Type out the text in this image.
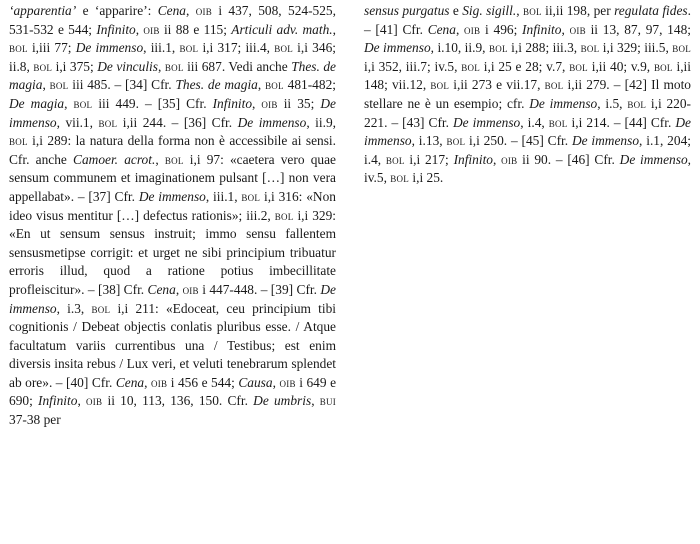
‘apparentia’ e ‘apparire’: Cena, oib i 437, 508, 524-525, 531-532 e 544; Infinito, oib ii 88 e 115; Articuli adv. math., bol i,iii 77; De immenso, iii.1, bol i,i 317; iii.4, bol i,i 346; ii.8, bol i,i 375; De vinculis, bol iii 687. Vedi anche Thes. de magia, bol iii 485. – [34] Cfr. Thes. de magia, bol 481-482; De magia, bol iii 449. – [35] Cfr. Infinito, oib ii 35; De immenso, vii.1, bol i,ii 244. – [36] Cfr. De immenso, ii.9, bol i,i 289: la natura della forma non è accessibile ai sensi. Cfr. anche Camoer. acrot., bol i,i 97: «caetera vero quae sensum communem et imaginationem pulsant […] non vera appellabat». – [37] Cfr. De immenso, iii.1, bol i,i 316: «Non ideo visus mentitur […] defectus rationis»; iii.2, bol i,i 329: «En ut sensum sensus instruit; immo sensu fallentem sensusmetipse corrigit: et urget ne sibi principium tribuatur erroris illud, quod a ratione potius imbecillitate profleiscitur». – [38] Cfr. Cena, oib i 447-448. – [39] Cfr. De immenso, i.3, bol i,i 211: «Edoceat, ceu principium tibi cognitionis / Debeat objectis conlatis pluribus esse. / Atque facultatum variis currentibus una / Testibus; est enim diversis insita rebus / Lux veri, et veluti tenebrarum splendet ab ore». – [40] Cfr. Cena, oib i 456 e 544; Causa, oib i 649 e 690; Infinito, oib ii 10, 113, 136, 150. Cfr. De umbris, bui 37-38 per

sensus purgatus e Sig. sigill., bol ii,ii 198, per regulata fides. – [41] Cfr. Cena, oib i 496; Infinito, oib ii 13, 87, 97, 148; De immenso, i.10, ii.9, bol i,i 288; iii.3, bol i,i 329; iii.5, bol i,i 352, iii.7; iv.5, bol i,i 25 e 28; v.7, bol i,ii 40; v.9, bol i,ii 148; vii.12, bol i,ii 273 e vii.17, bol i,ii 279. – [42] Il moto stellare ne è un esempio; cfr. De immenso, i.5, bol i,i 220-221. – [43] Cfr. De immenso, i.4, bol i,i 214. – [44] Cfr. De immenso, i.13, bol i,i 250. – [45] Cfr. De immenso, i.1, 204; i.4, bol i,i 217; Infinito, oib ii 90. – [46] Cfr. De immenso, iv.5, bol i,i 25.
